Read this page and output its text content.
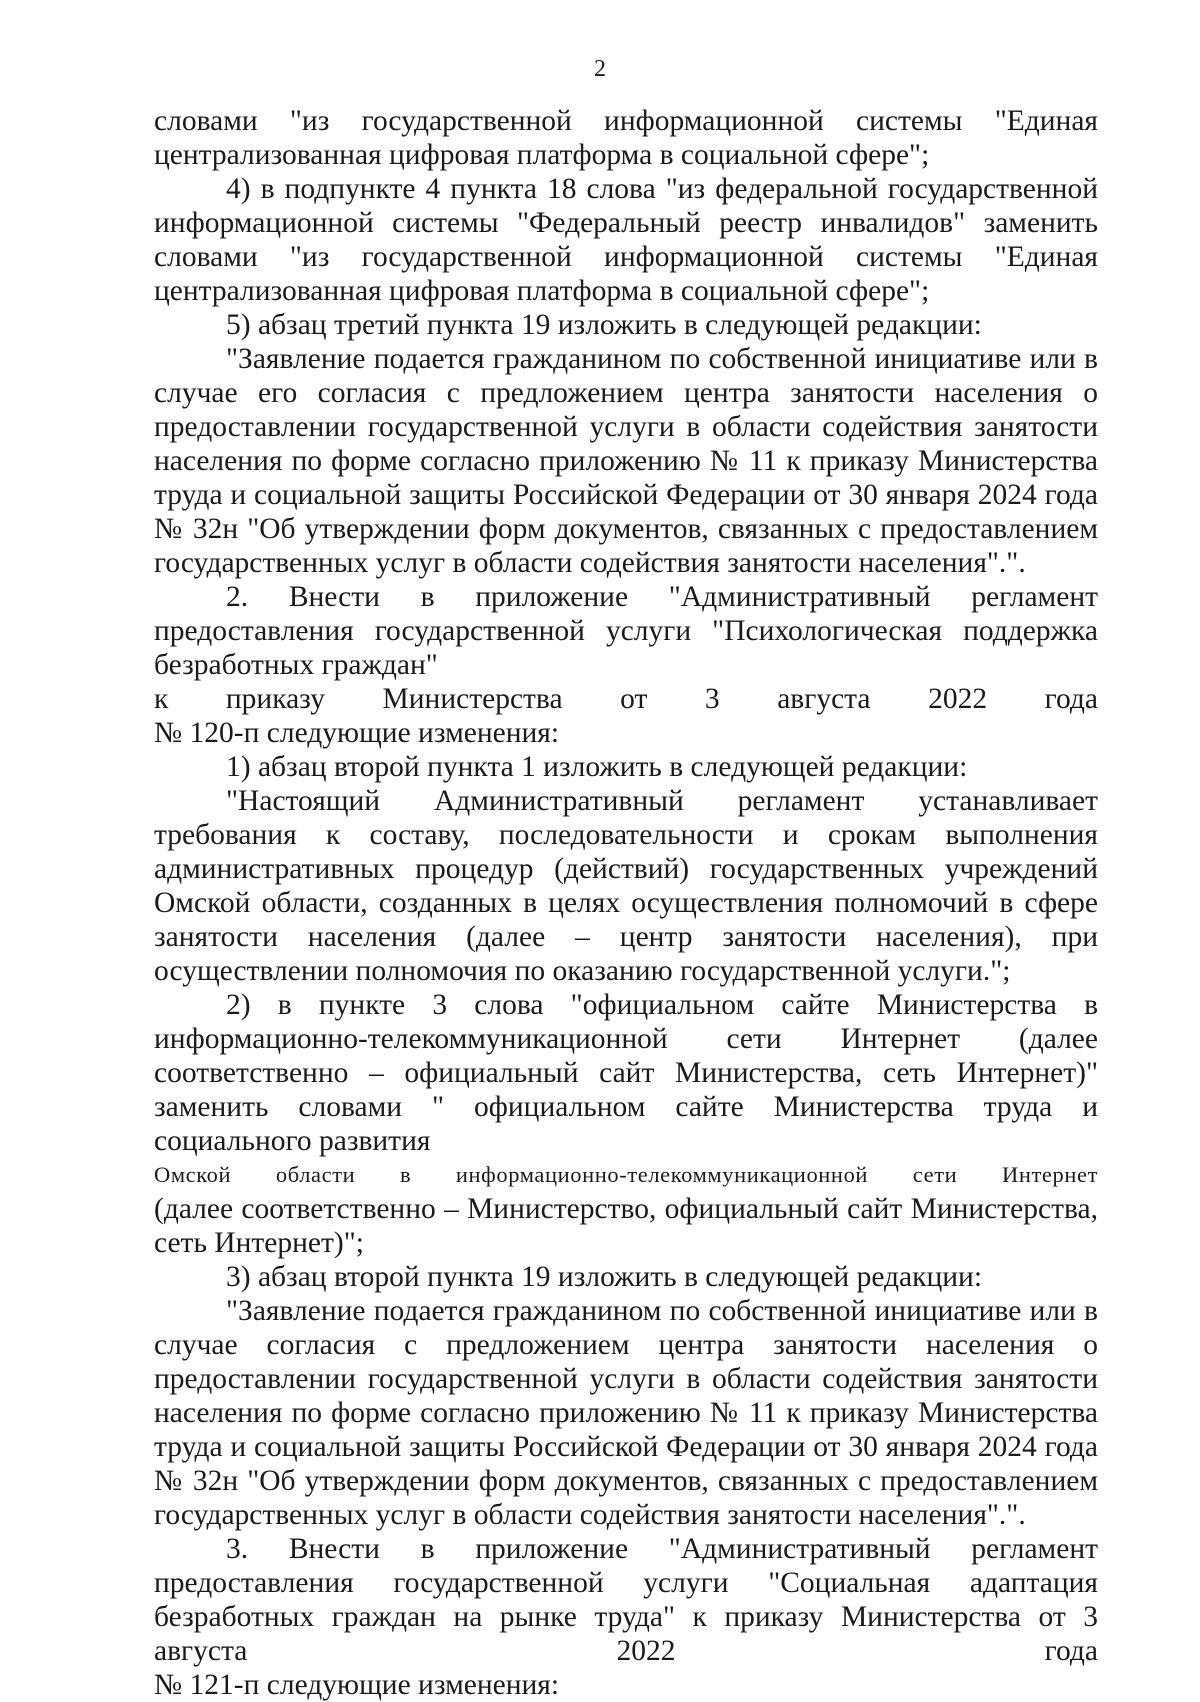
2

словами "из государственной информационной системы "Единая централизованная цифровая платформа в социальной сфере";

4) в подпункте 4 пункта 18 слова "из федеральной государственной информационной системы "Федеральный реестр инвалидов" заменить словами "из государственной информационной системы "Единая централизованная цифровая платформа в социальной сфере";

5) абзац третий пункта 19 изложить в следующей редакции:

"Заявление подается гражданином по собственной инициативе или в случае его согласия с предложением центра занятости населения о предоставлении государственной услуги в области содействия занятости населения по форме согласно приложению № 11 к приказу Министерства труда и социальной защиты Российской Федерации от 30 января 2024 года № 32н "Об утверждении форм документов, связанных с предоставлением государственных услуг в области содействия занятости населения".".

2. Внести в приложение "Административный регламент предоставления государственной услуги "Психологическая поддержка безработных граждан"

к приказу Министерства от 3 августа 2022 года

№ 120-п следующие изменения:

1) абзац второй пункта 1 изложить в следующей редакции:

"Настоящий Административный регламент устанавливает требования к составу, последовательности и срокам выполнения административных процедур (действий) государственных учреждений Омской области, созданных в целях осуществления полномочий в сфере занятости населения (далее – центр занятости населения), при осуществлении полномочия по оказанию государственной услуги.";

2) в пункте 3 слова "официальном сайте Министерства в информационно-телекоммуникационной сети Интернет (далее соответственно – официальный сайт Министерства, сеть Интернет)" заменить словами " официальном сайте Министерства труда и социального развития

Омской области в информационно-телекоммуникационной сети Интернет

(далее соответственно – Министерство, официальный сайт Министерства, сеть Интернет)";

3) абзац второй пункта 19 изложить в следующей редакции:

"Заявление подается гражданином по собственной инициативе или в случае согласия с предложением центра занятости населения о предоставлении государственной услуги в области содействия занятости населения по форме согласно приложению № 11 к приказу Министерства труда и социальной защиты Российской Федерации от 30 января 2024 года № 32н "Об утверждении форм документов, связанных с предоставлением государственных услуг в области содействия занятости населения".".

3. Внести в приложение "Административный регламент предоставления государственной услуги "Социальная адаптация безработных граждан на рынке труда" к приказу Министерства от 3 августа 2022 года

№ 121-п следующие изменения:
